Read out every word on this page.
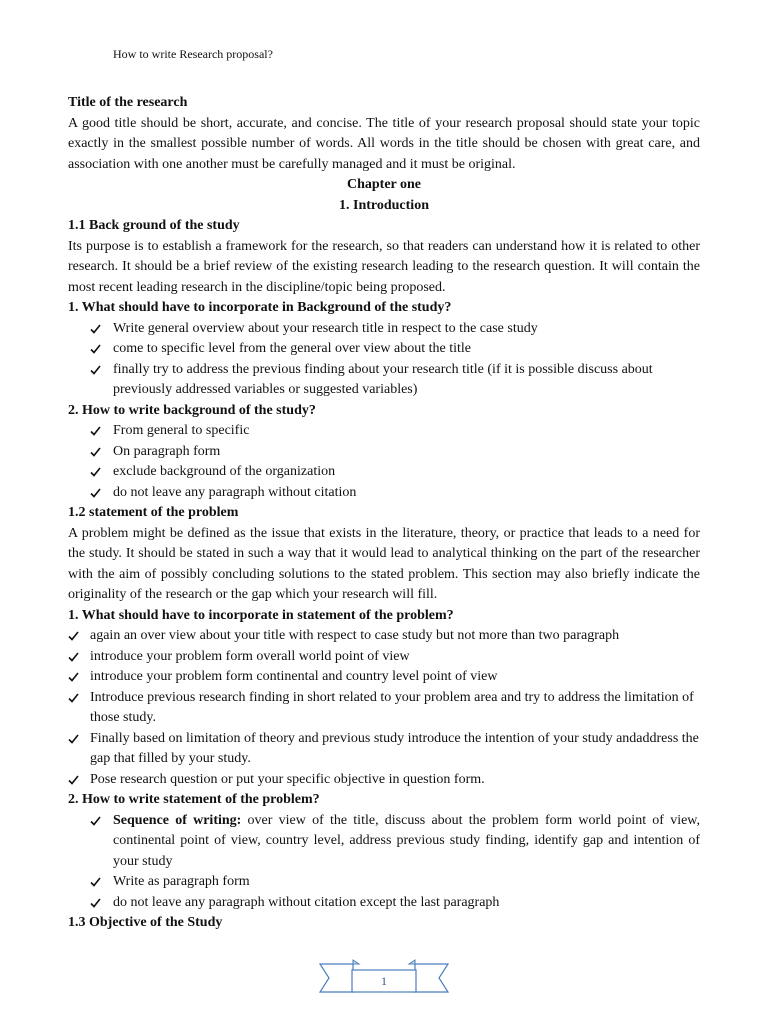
How to write Research proposal?
Title of the research
A good title should be short, accurate, and concise. The title of your research proposal should state your topic exactly in the smallest possible number of words. All words in the title should be chosen with great care, and association with one another must be carefully managed and it must be original.
Chapter one
1. Introduction
1.1 Back ground of the study
Its purpose is to establish a framework for the research, so that readers can understand how it is related to other research. It should be a brief review of the existing research leading to the research question. It will contain the most recent leading research in the discipline/topic being proposed.
1. What should have to incorporate in Background of the study?
Write general overview about your research title in respect to the case study
come to specific level from the general over view about the title
finally try to address the previous finding about your research title (if it is possible discuss about previously addressed variables or suggested variables)
2. How to write background of the study?
From general to specific
On paragraph form
exclude background of the organization
do not leave any paragraph without citation
1.2 statement of the problem
A problem might be defined as the issue that exists in the literature, theory, or practice that leads to a need for the study. It should be stated in such a way that it would lead to analytical thinking on the part of the researcher with the aim of possibly concluding solutions to the stated problem. This section may also briefly indicate the originality of the research or the gap which your research will fill.
1. What should have to incorporate in statement of the problem?
again an over view about your title with respect to case study but not more than two paragraph
introduce your problem form overall world point of view
introduce your problem form continental and country level point of view
Introduce previous research finding in short related to your problem area and try to address the limitation of those study.
Finally based on limitation of theory and previous study introduce the intention of your study andaddress the gap that filled by your study.
Pose research question or put your specific objective in question form.
2. How to write statement of the problem?
Sequence of writing: over view of the title, discuss about the problem form world point of view, continental point of view, country level, address previous study finding, identify gap and intention of your study
Write as paragraph form
do not leave any paragraph without citation except the last paragraph
1.3 Objective of the Study
1
